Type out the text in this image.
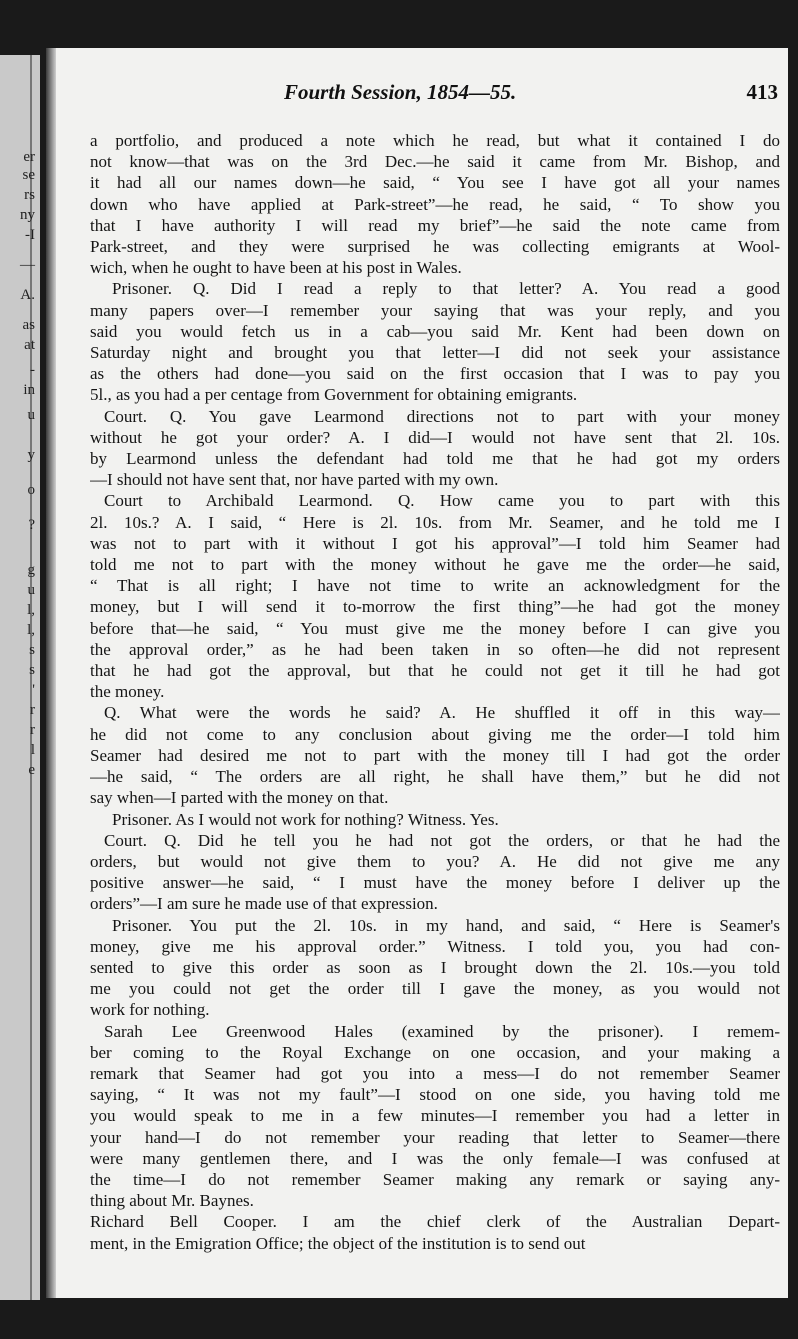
er
se
rs
ny
-I
—
A.
as
at
-
in
u
y
o
?
g
u
l,
l,
s
s
'
r
r
l
e
Fourth Session, 1854—55.	413
a portfolio, and produced a note which he read, but what it contained I do
not know—that was on the 3rd Dec.—he said it came from Mr. Bishop, and
it had all our names down—he said, “ You see I have got all your names
down who have applied at Park-street”—he read, he said, “ To show you
that I have authority I will read my brief”—he said the note came from
Park-street, and they were surprised he was collecting emigrants at Wool-
wich, when he ought to have been at his post in Wales.
Prisoner. Q. Did I read a reply to that letter? A. You read a good
many papers over—I remember your saying that was your reply, and you
said you would fetch us in a cab—you said Mr. Kent had been down on
Saturday night and brought you that letter—I did not seek your assistance
as the others had done—you said on the first occasion that I was to pay you
5l., as you had a per centage from Government for obtaining emigrants.
Court. Q. You gave Learmond directions not to part with your money
without he got your order? A. I did—I would not have sent that 2l. 10s.
by Learmond unless the defendant had told me that he had got my orders
—I should not have sent that, nor have parted with my own.
Court to Archibald Learmond. Q. How came you to part with this
2l. 10s.? A. I said, “ Here is 2l. 10s. from Mr. Seamer, and he told me I
was not to part with it without I got his approval”—I told him Seamer had
told me not to part with the money without he gave me the order—he said,
“ That is all right; I have not time to write an acknowledgment for the
money, but I will send it to-morrow the first thing”—he had got the money
before that—he said, “ You must give me the money before I can give you
the approval order,” as he had been taken in so often—he did not represent
that he had got the approval, but that he could not get it till he had got
the money.
Q. What were the words he said? A. He shuffled it off in this way—
he did not come to any conclusion about giving me the order—I told him
Seamer had desired me not to part with the money till I had got the order
—he said, “ The orders are all right, he shall have them,” but he did not
say when—I parted with the money on that.
Prisoner. As I would not work for nothing? Witness. Yes.
Court. Q. Did he tell you he had not got the orders, or that he had the
orders, but would not give them to you? A. He did not give me any
positive answer—he said, “ I must have the money before I deliver up the
orders”—I am sure he made use of that expression.
Prisoner. You put the 2l. 10s. in my hand, and said, “ Here is Seamer's
money, give me his approval order.” Witness. I told you, you had con-
sented to give this order as soon as I brought down the 2l. 10s.—you told
me you could not get the order till I gave the money, as you would not
work for nothing.
Sarah Lee Greenwood Hales (examined by the prisoner). I remem-
ber coming to the Royal Exchange on one occasion, and your making a
remark that Seamer had got you into a mess—I do not remember Seamer
saying, “ It was not my fault”—I stood on one side, you having told me
you would speak to me in a few minutes—I remember you had a letter in
your hand—I do not remember your reading that letter to Seamer—there
were many gentlemen there, and I was the only female—I was confused at
the time—I do not remember Seamer making any remark or saying any-
thing about Mr. Baynes.
Richard Bell Cooper. I am the chief clerk of the Australian Depart-
ment, in the Emigration Office; the object of the institution is to send out
